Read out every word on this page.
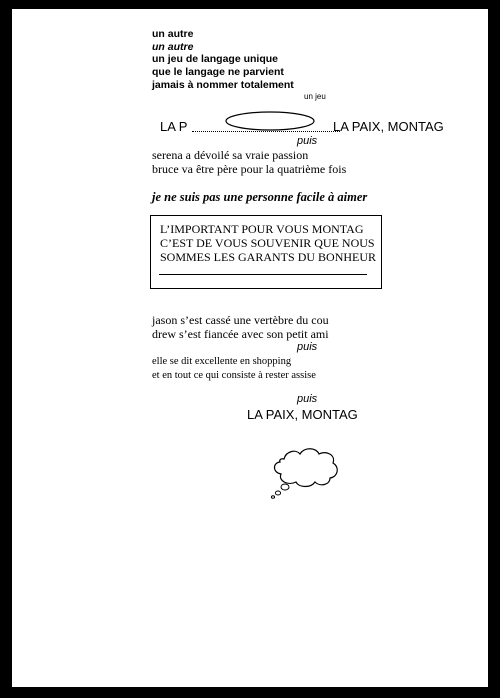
un autre
un autre
un jeu de langage unique
que le langage ne parvient
jamais à nommer totalement
un jeu
LA P	LA PAIX, MONTAG
puis
serena a dévoilé sa vraie passion
bruce va être père pour la quatrième fois
je ne suis pas une personne facile à aimer
L’IMPORTANT POUR VOUS MONTAG
C’EST DE VOUS SOUVENIR QUE NOUS
SOMMES LES GARANTS DU BONHEUR
jason s’est cassé une vertèbre du cou
drew s’est fiancée avec son petit ami
puis
elle se dit excellente en shopping
et en tout ce qui consiste à rester assise
puis
LA PAIX, MONTAG
